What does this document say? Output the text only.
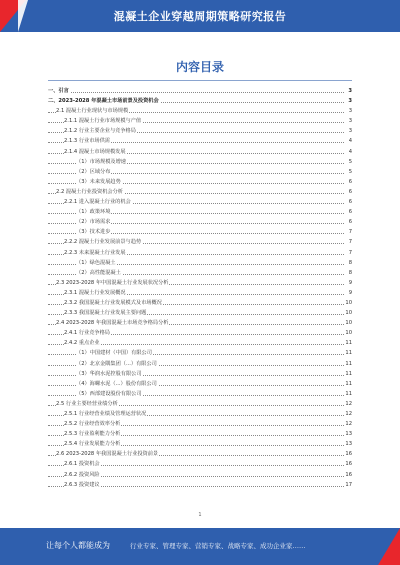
混凝土企业穿越周期策略研究报告
内容目录
一、引言	3
二、2023-2028 年混凝土市场前景及投资机会	3
2.1 混凝土行业现状与市场规模	3
2.1.1 混凝土行业市场规模与产值	3
2.1.2 行业主要企业与竞争格局	3
2.1.3 行业市场供需	4
2.1.4 混凝土市场规模发展	4
（1）市场规模及增速	5
（2）区域分布	5
（3）未来发展趋势	6
2.2 混凝土行业投资机会分析	6
2.2.1 进入混凝土行业的机会	6
（1）政策环境	6
（2）市场需求	6
（3）技术进步	7
2.2.2 混凝土行业发展前景与趋势	7
2.2.3 未来混凝土行业发展	7
（1）绿色混凝土	8
（2）高性能混凝土	8
2.3 2023-2028 年中国混凝土行业发展状况分析	9
2.3.1 混凝土行业发展概况	9
2.3.2 我国混凝土行业发展模式及市场概况	10
2.3.3 我国混凝土行业发展主要问题	10
2.4 2023-2028 年我国混凝土市场竞争格局分析	10
2.4.1 行业竞争格局	10
2.4.2 重点企业	11
（1）中国建材（中国）有限公司	11
（2）北京金隅集团（...）有限公司	11
（3）华润水泥控股有限公司	11
（4）海螺水泥（...）股份有限公司	11
（5）西部建设股份有限公司	11
2.5 行业主要经营业绩分析	12
2.5.1 行业经营业绩及管理运营状况	12
2.5.2 行业经营效率分析	12
2.5.3 行业盈利能力分析	13
2.5.4 行业发展能力分析	13
2.6 2023-2028 年我国混凝土行业投资前景	16
2.6.1 投资机会	16
2.6.2 投资风险	16
2.6.3 投资建议	17
1
让每个人都能成为	行业专家、管理专家、营销专家、战略专家、成功企业家……
